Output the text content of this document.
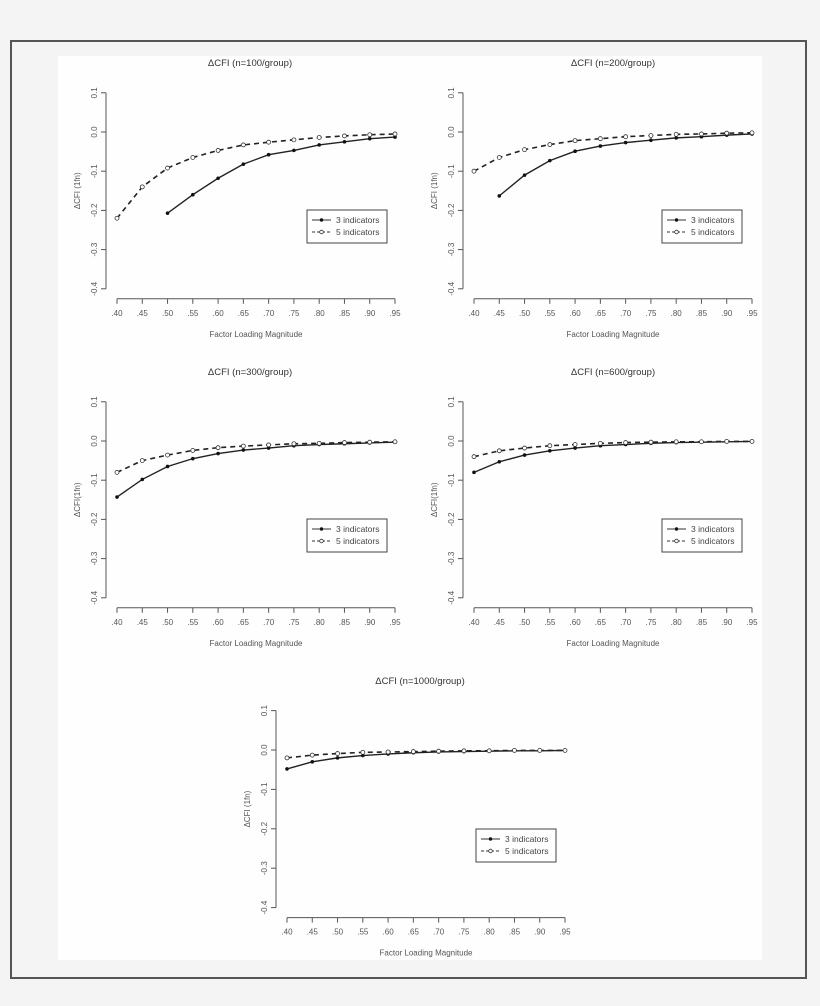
ΔCFI (n=100/group)
0.1
0.0
-0.1
-0.2
-0.3
-0.4
ΔCFI (1fn)
.40 .45 .50 .55 .60 .65 .70 .75 .80 .85 .90 .95
Factor Loading Magnitude
3 indicators
5 indicators
ΔCFI (n=200/group)
0.1
0.0
-0.1
-0.2
-0.3
-0.4
ΔCFI (1fn)
.40 .45 .50 .55 .60 .65 .70 .75 .80 .85 .90 .95
Factor Loading Magnitude
3 indicators
5 indicators
ΔCFI (n=300/group)
0.1
0.0
-0.1
-0.2
-0.3
-0.4
ΔCFI(1fn)
.40 .45 .50 .55 .60 .65 .70 .75 .80 .85 .90 .95
Factor Loading Magnitude
3 indicators
5 indicators
ΔCFI (n=600/group)
0.1
0.0
-0.1
-0.2
-0.3
-0.4
ΔCFI(1fn)
.40 .45 .50 .55 .60 .65 .70 .75 .80 .85 .90 .95
Factor Loading Magnitude
3 indicators
5 indicators
ΔCFI (n=1000/group)
0.1
0.0
-0.1
-0.2
-0.3
-0.4
ΔCFI (1fn)
.40 .45 .50 .55 .60 .65 .70 .75 .80 .85 .90 .95
Factor Loading Magnitude
3 indicators
5 indicators
